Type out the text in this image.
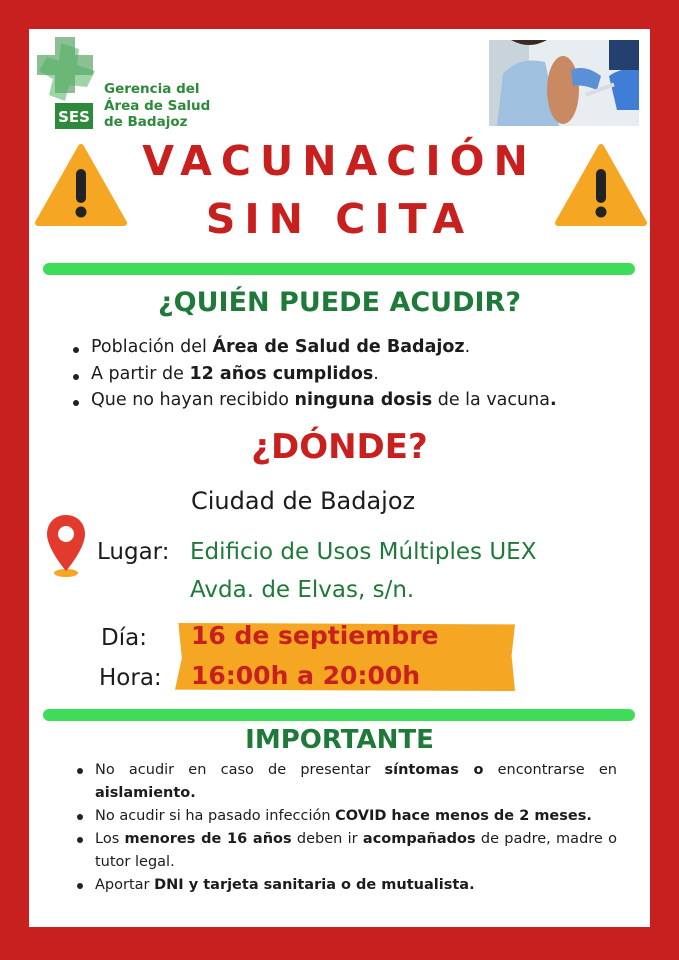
SES
Gerencia del
Área de Salud
de Badajoz
VACUNACIÓN
SIN CITA
¿QUIÉN PUEDE ACUDIR?
Población del Área de Salud de Badajoz.
A partir de 12 años cumplidos.
Que no hayan recibido ninguna dosis de la vacuna.
¿DÓNDE?
Ciudad de Badajoz
Lugar: Edificio de Usos Múltiples UEX
Avda. de Elvas, s/n.
Día: 16 de septiembre
Hora: 16:00h a 20:00h
IMPORTANTE
No acudir en caso de presentar síntomas o encontrarse en aislamiento.
No acudir si ha pasado infección COVID hace menos de 2 meses.
Los menores de 16 años deben ir acompañados de padre, madre o tutor legal.
Aportar DNI y tarjeta sanitaria o de mutualista.
